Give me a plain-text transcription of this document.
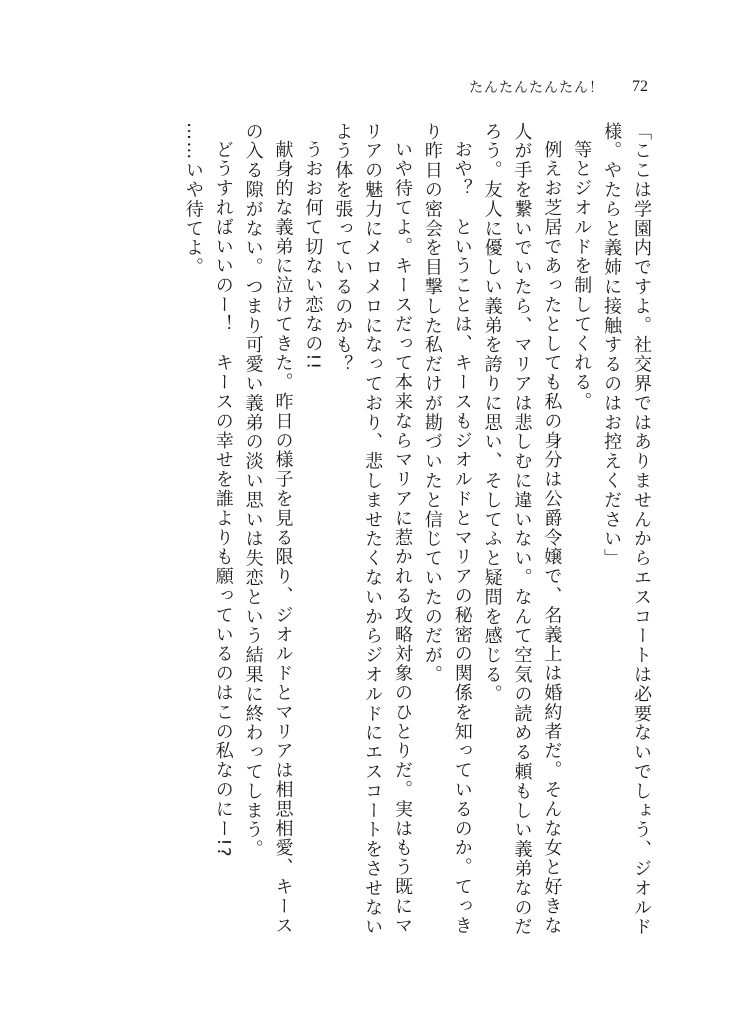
たんたんたんたん！ 72

「ここは学園内ですよ。社交界ではありませんからエスコートは必要ないでしょう、ジオルド様。やたらと義姉に接触するのはお控えください」

等とジオルドを制してくれる。

例えお芝居であったとしても私の身分は公爵令嬢で、名義上は婚約者だ。そんな女と好きな人が手を繋いでいたら、マリアは悲しむに違いない。なんて空気の読める頼もしい義弟なのだろう。友人に優しい義弟を誇りに思い、そしてふと疑問を感じる。

おや？　ということは、キースもジオルドとマリアの秘密の関係を知っているのか。てっきり昨日の密会を目撃した私だけが勘づいたと信じていたのだが。

いや待てよ。キースだって本来ならマリアに惹かれる攻略対象のひとりだ。実はもう既にマリアの魅力にメロメロになっており、悲しませたくないからジオルドにエスコートをさせないよう体を張っているのかも？

うおお何て切ない恋なの!!

献身的な義弟に泣けてきた。昨日の様子を見る限り、ジオルドとマリアは相思相愛、キースの入る隙がない。つまり可愛い義弟の淡い思いは失恋という結果に終わってしまう。

どうすればいいのー！　キースの幸せを誰よりも願っているのはこの私なのにー!?

……いや待てよ。
